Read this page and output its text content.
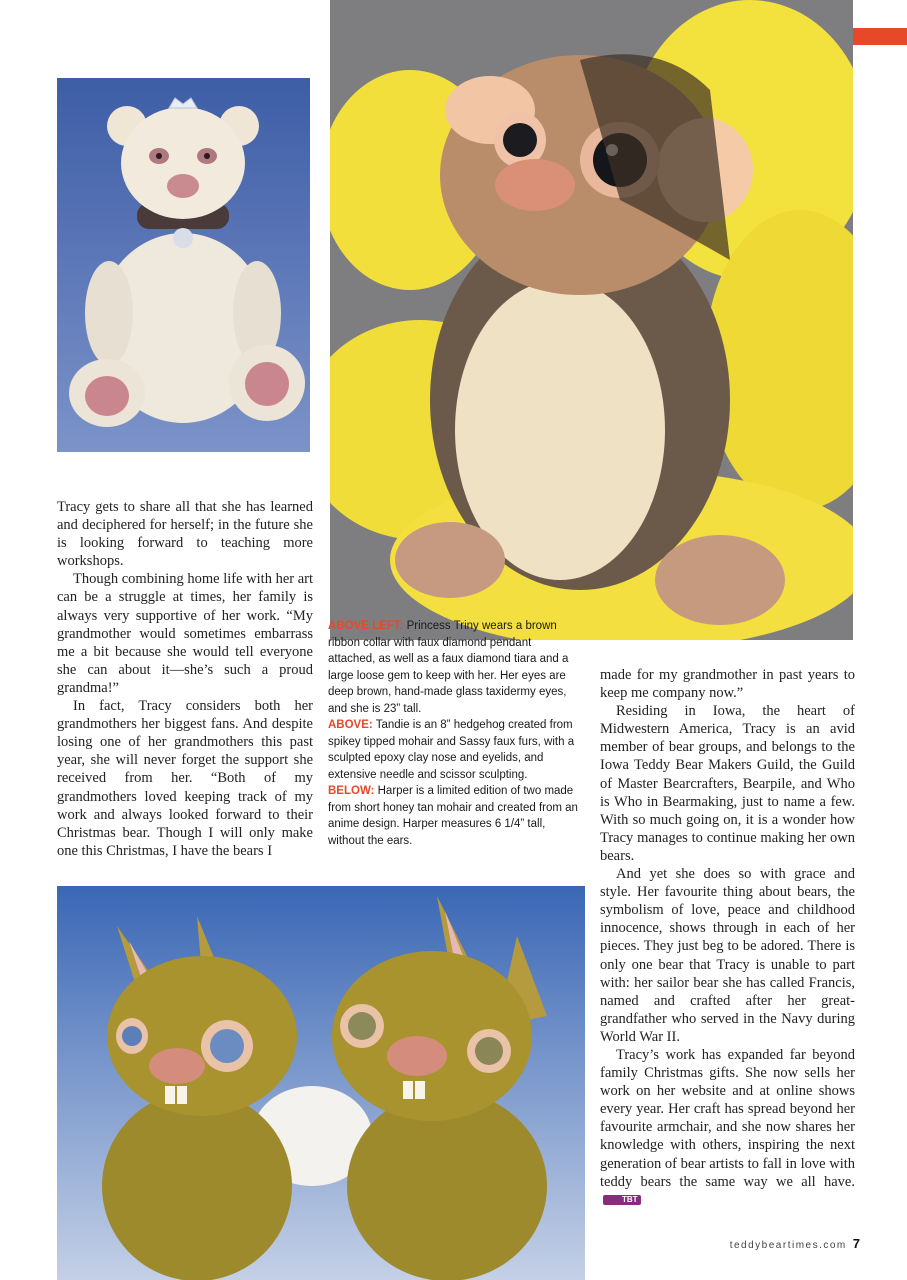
Tracy gets to share all that she has learned and deciphered for herself; in the future she is looking forward to teaching more workshops.

Though combining home life with her art can be a struggle at times, her family is always very supportive of her work. “My grandmother would sometimes embarrass me a bit because she would tell everyone she can about it—she’s such a proud grandma!”

In fact, Tracy considers both her grandmothers her biggest fans. And despite losing one of her grandmothers this past year, she will never forget the support she received from her. “Both of my grandmothers loved keeping track of my work and always looked forward to their Christmas bear. Though I will only make one this Christmas, I have the bears I

ABOVE LEFT: Princess Triny wears a brown ribbon collar with faux diamond pendant attached, as well as a faux diamond tiara and a large loose gem to keep with her. Her eyes are deep brown, hand-made glass taxidermy eyes, and she is 23” tall.

ABOVE: Tandie is an 8” hedgehog created from spikey tipped mohair and Sassy faux furs, with a sculpted epoxy clay nose and eyelids, and extensive needle and scissor sculpting.

BELOW: Harper is a limited edition of two made from short honey tan mohair and created from an anime design. Harper measures 6 1/4” tall, without the ears.

made for my grandmother in past years to keep me company now.”

Residing in Iowa, the heart of Midwestern America, Tracy is an avid member of bear groups, and belongs to the Iowa Teddy Bear Makers Guild, the Guild of Master Bearcrafters, Bearpile, and Who is Who in Bearmaking, just to name a few. With so much going on, it is a wonder how Tracy manages to continue making her own bears.

And yet she does so with grace and style. Her favourite thing about bears, the symbolism of love, peace and childhood innocence, shows through in each of her pieces. They just beg to be adored. There is only one bear that Tracy is unable to part with: her sailor bear she has called Francis, named and crafted after her great-grandfather who served in the Navy during World War II.

Tracy’s work has expanded far beyond family Christmas gifts. She now sells her work on her website and at online shows every year. Her craft has spread beyond her favourite armchair, and she now shares her knowledge with others, inspiring the next generation of bear artists to fall in love with teddy bears the same way we all have.TBT

teddybeartimes.com 7
